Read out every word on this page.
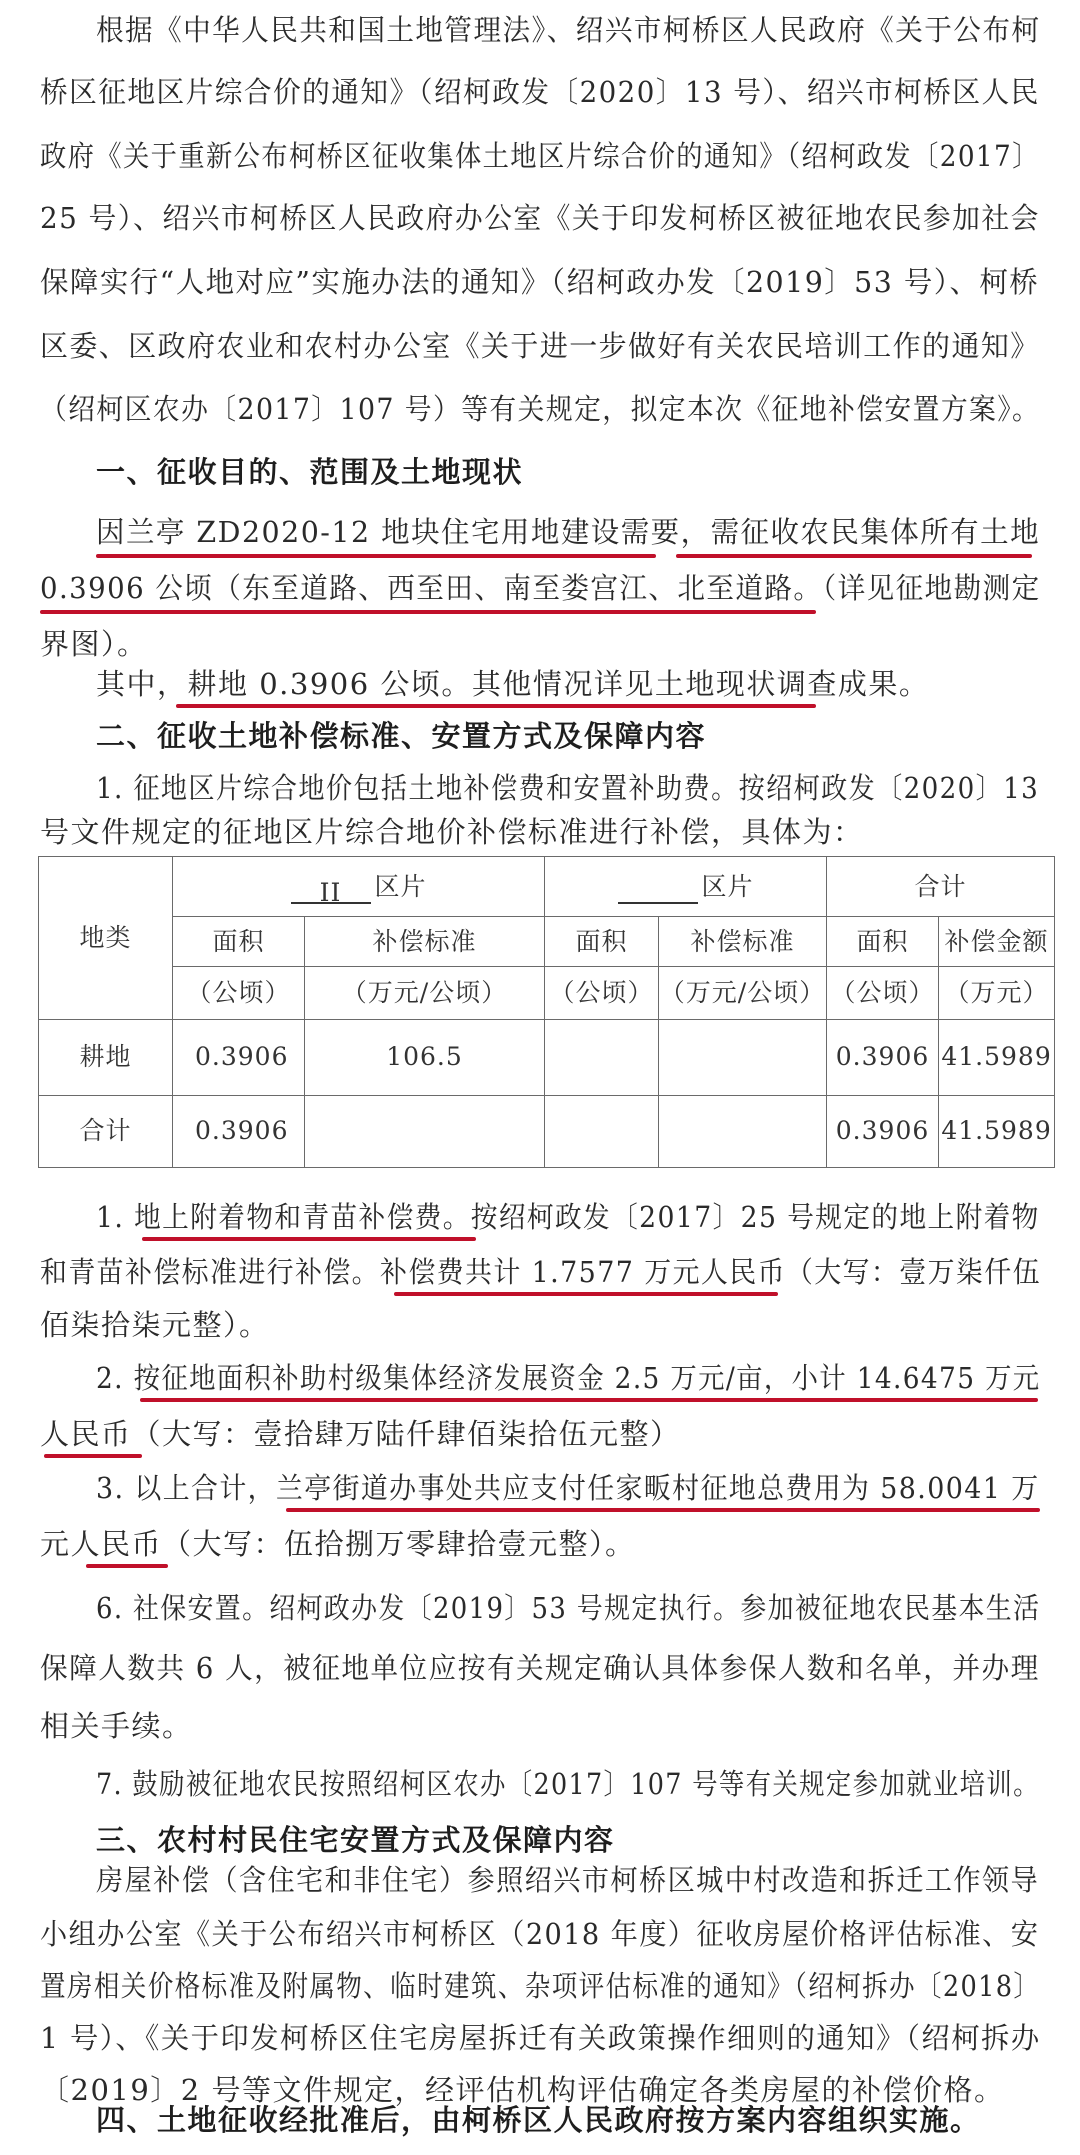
根据《中华人民共和国土地管理法》、绍兴市柯桥区人民政府《关于公布柯
桥区征地区片综合价的通知》（绍柯政发〔2020〕13 号）、绍兴市柯桥区人民
政府《关于重新公布柯桥区征收集体土地区片综合价的通知》（绍柯政发〔2017〕
25 号）、绍兴市柯桥区人民政府办公室《关于印发柯桥区被征地农民参加社会
保障实行“人地对应”实施办法的通知》（绍柯政办发〔2019〕53 号）、柯桥
区委、区政府农业和农村办公室《关于进一步做好有关农民培训工作的通知》
（绍柯区农办〔2017〕107 号）等有关规定，拟定本次《征地补偿安置方案》。
一、征收目的、范围及土地现状
因兰亭 ZD2020-12 地块住宅用地建设需要，需征收农民集体所有土地
0.3906 公顷（东至道路、西至田、南至娄宫江、北至道路。（详见征地勘测定
界图）。
其中，耕地 0.3906 公顷。其他情况详见土地现状调查成果。
二、征收土地补偿标准、安置方式及保障内容
1. 征地区片综合地价包括土地补偿费和安置补助费。按绍柯政发〔2020〕13
号文件规定的征地区片综合地价补偿标准进行补偿，具体为：
地类	II 区片		区片		合计	
	面积	补偿标准	面积	补偿标准	面积	补偿金额
	（公顷）	（万元/公顷）	（公顷）	（万元/公顷）	（公顷）	（万元）
耕地	0.3906	106.5			0.3906	41.5989
合计	0.3906				0.3906	41.5989
1. 地上附着物和青苗补偿费。按绍柯政发〔2017〕25 号规定的地上附着物
和青苗补偿标准进行补偿。补偿费共计 1.7577 万元人民币（大写：壹万柒仟伍
佰柒拾柒元整）。
2. 按征地面积补助村级集体经济发展资金 2.5 万元/亩，小计 14.6475 万元
人民币（大写：壹拾肆万陆仟肆佰柒拾伍元整）
3. 以上合计，兰亭街道办事处共应支付任家畈村征地总费用为 58.0041 万
元人民币（大写：伍拾捌万零肆拾壹元整）。
6. 社保安置。绍柯政办发〔2019〕53 号规定执行。参加被征地农民基本生活
保障人数共 6 人，被征地单位应按有关规定确认具体参保人数和名单，并办理
相关手续。
7. 鼓励被征地农民按照绍柯区农办〔2017〕107 号等有关规定参加就业培训。
三、农村村民住宅安置方式及保障内容
房屋补偿（含住宅和非住宅）参照绍兴市柯桥区城中村改造和拆迁工作领导
小组办公室《关于公布绍兴市柯桥区（2018 年度）征收房屋价格评估标准、安
置房相关价格标准及附属物、临时建筑、杂项评估标准的通知》（绍柯拆办〔2018〕
1 号）、《关于印发柯桥区住宅房屋拆迁有关政策操作细则的通知》（绍柯拆办
〔2019〕2 号等文件规定，经评估机构评估确定各类房屋的补偿价格。
四、土地征收经批准后，由柯桥区人民政府按方案内容组织实施。
